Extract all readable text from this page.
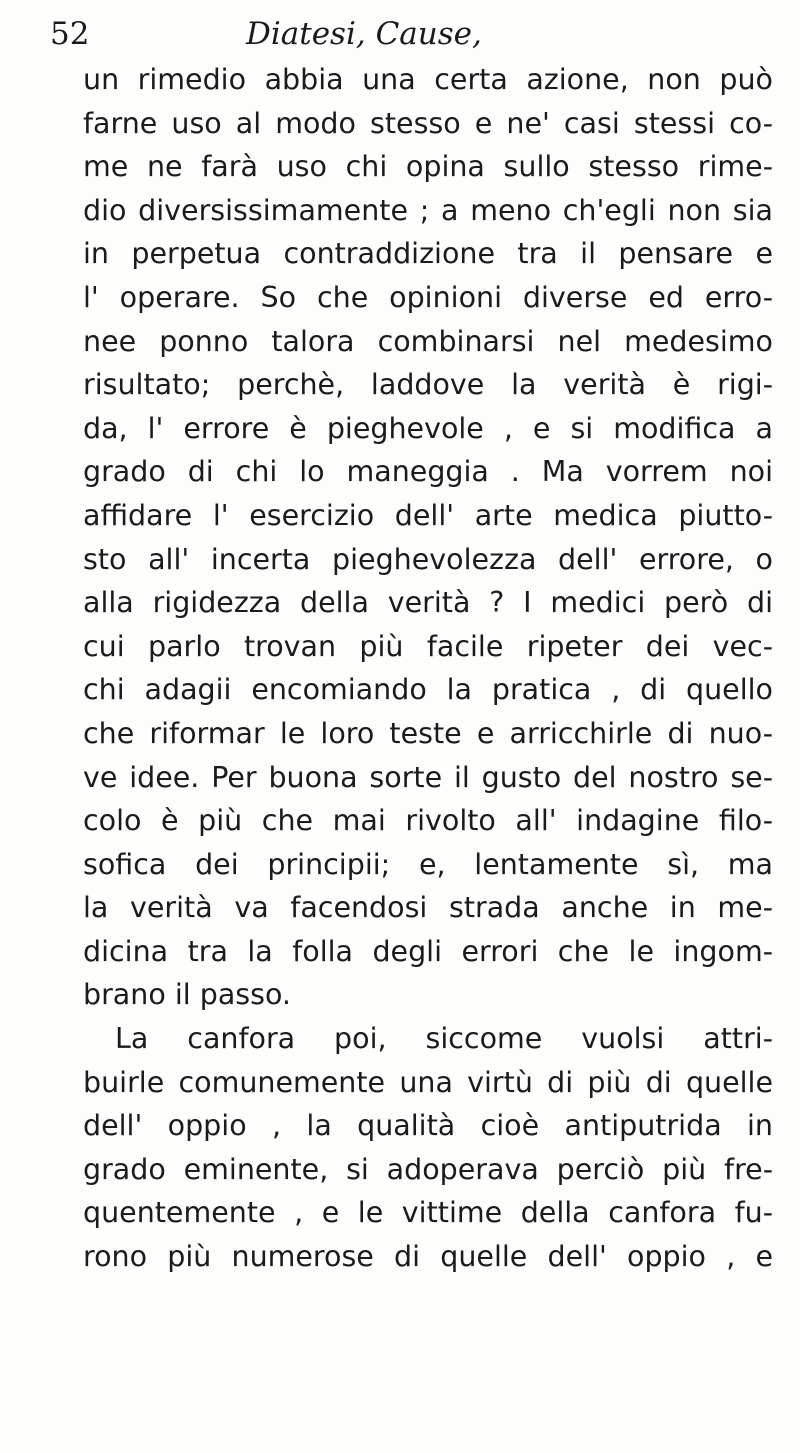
52	Diatesi, Cause,
un rimedio abbia una certa azione, non può
farne uso al modo stesso e ne' casi stessi co-
me ne farà uso chi opina sullo stesso rime-
dio diversissimamente ; a meno ch'egli non sia
in perpetua contraddizione tra il pensare e
l' operare. So che opinioni diverse ed erro-
nee ponno talora combinarsi nel medesimo
risultato; perchè, laddove la verità è rigi-
da, l' errore è pieghevole , e si modifica a
grado di chi lo maneggia . Ma vorrem noi
affidare l' esercizio dell' arte medica piutto-
sto all' incerta pieghevolezza dell' errore, o
alla rigidezza della verità ? I medici però di
cui parlo trovan più facile ripeter dei vec-
chi adagii encomiando la pratica , di quello
che riformar le loro teste e arricchirle di nuo-
ve idee. Per buona sorte il gusto del nostro se-
colo è più che mai rivolto all' indagine filo-
sofica dei principii; e, lentamente sì, ma
la verità va facendosi strada anche in me-
dicina tra la folla degli errori che le ingom-
brano il passo.
La canfora poi, siccome vuolsi attri-
buirle comunemente una virtù di più di quelle
dell' oppio , la qualità cioè antiputrida in
grado eminente, si adoperava perciò più fre-
quentemente , e le vittime della canfora fu-
rono più numerose di quelle dell' oppio , e
